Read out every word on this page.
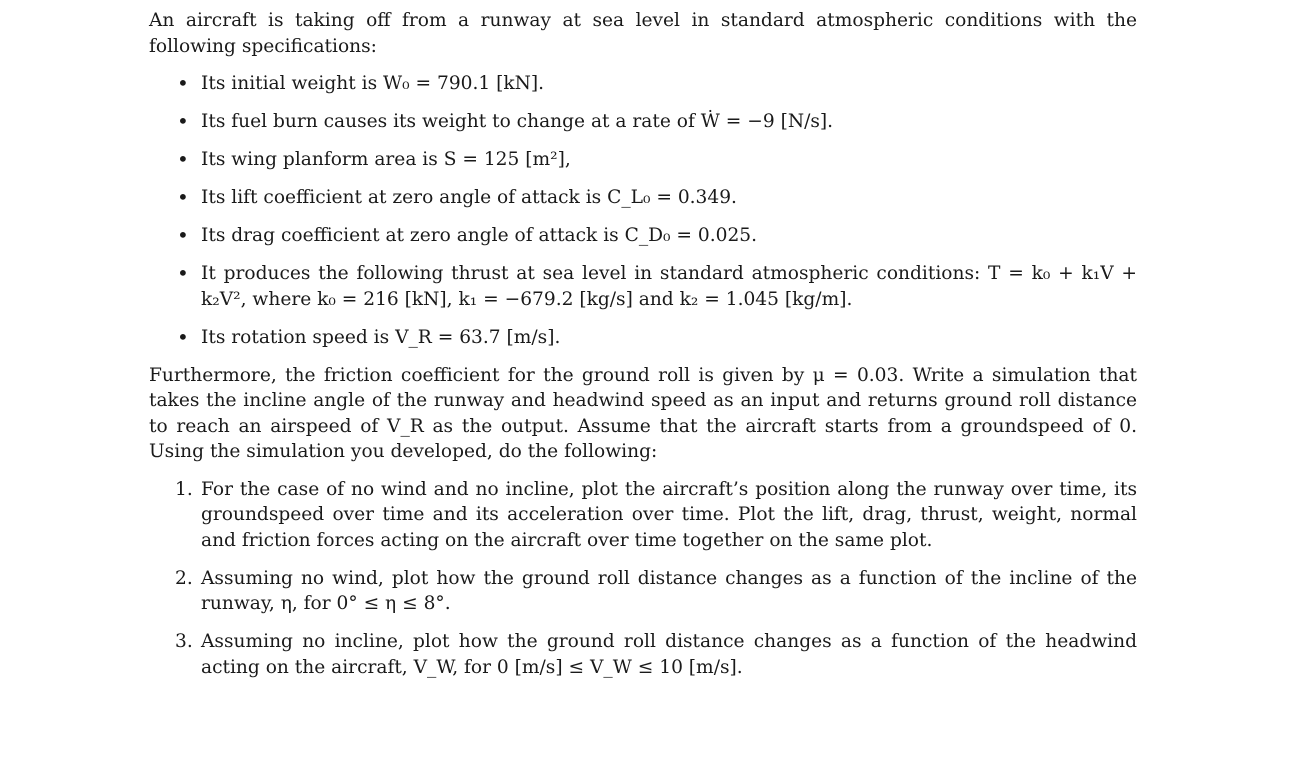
An aircraft is taking off from a runway at sea level in standard atmospheric conditions with the following specifications:

• Its initial weight is W₀ = 790.1 [kN].
• Its fuel burn causes its weight to change at a rate of Ẇ = −9 [N/s].
• Its wing planform area is S = 125 [m²],
• Its lift coefficient at zero angle of attack is C_L₀ = 0.349.
• Its drag coefficient at zero angle of attack is C_D₀ = 0.025.
• It produces the following thrust at sea level in standard atmospheric conditions: T = k₀ + k₁V + k₂V², where k₀ = 216 [kN], k₁ = −679.2 [kg/s] and k₂ = 1.045 [kg/m].
• Its rotation speed is V_R = 63.7 [m/s].

Furthermore, the friction coefficient for the ground roll is given by μ = 0.03. Write a simulation that takes the incline angle of the runway and headwind speed as an input and returns ground roll distance to reach an airspeed of V_R as the output. Assume that the aircraft starts from a groundspeed of 0. Using the simulation you developed, do the following:

1. For the case of no wind and no incline, plot the aircraft’s position along the runway over time, its groundspeed over time and its acceleration over time. Plot the lift, drag, thrust, weight, normal and friction forces acting on the aircraft over time together on the same plot.
2. Assuming no wind, plot how the ground roll distance changes as a function of the incline of the runway, η, for 0° ≤ η ≤ 8°.
3. Assuming no incline, plot how the ground roll distance changes as a function of the headwind acting on the aircraft, V_W, for 0 [m/s] ≤ V_W ≤ 10 [m/s].
